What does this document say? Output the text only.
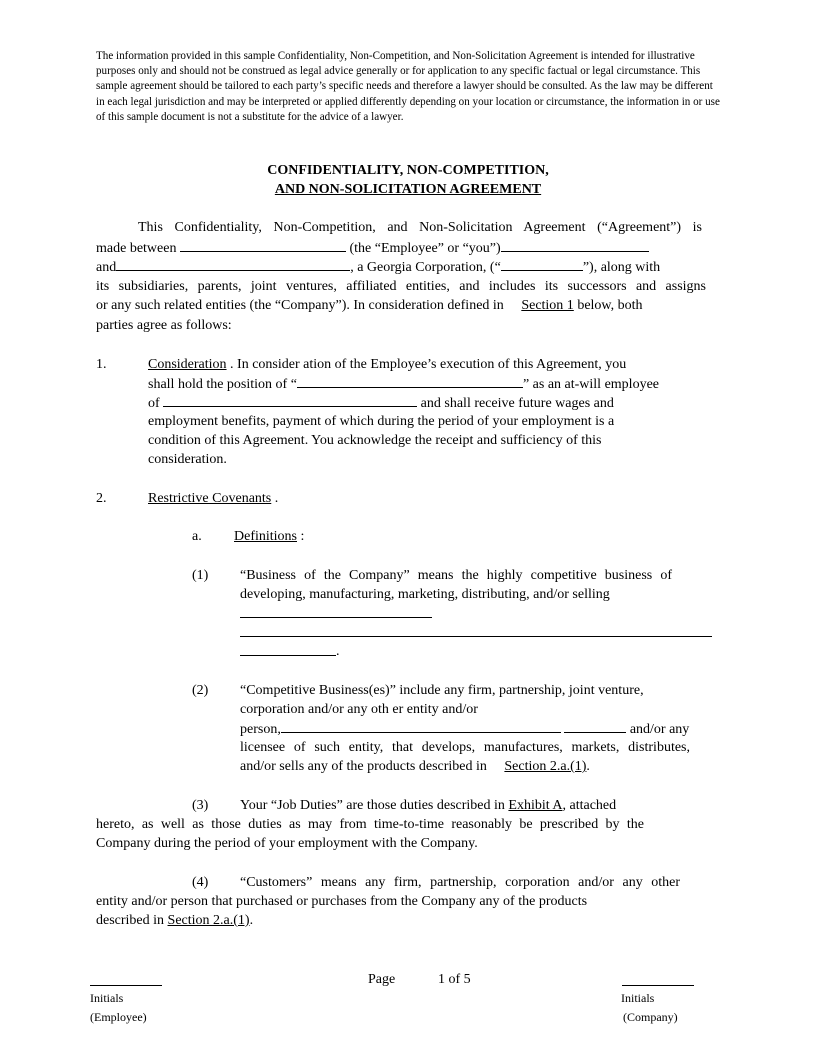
The information provided in this sample Confidentiality, Non-Competition, and Non-Solicitation Agreement is intended for illustrative purposes only and should not be construed as legal advice generally or for application to any specific factual or legal circumstance. This sample agreement should be tailored to each party’s specific needs and therefore a lawyer should be consulted. As the law may be different in each legal jurisdiction and may be interpreted or applied differently depending on your location or circumstance, the information in or use of this sample document is not a substitute for the advice of a lawyer.
CONFIDENTIALITY, NON-COMPETITION,
AND NON-SOLICITATION AGREEMENT
This Confidentiality, Non-Competition, and Non-Solicitation Agreement (“Agreement”) is
made between	(the “Employee” or “you”)
and	, a Georgia Corporation, (“	”), along with
its subsidiaries, parents, joint ventures, affiliated entities, and includes its successors and assigns
or any such related entities (the “Company”). In consideration defined in Section 1 below, both
parties agree as follows:
1.	Consideration . In consider ation of the Employee’s execution of this Agreement, you
shall hold the position of “	” as an at-will employee
of	and shall receive future wages and
employment benefits, payment of which during the period of your employment is a
condition of this Agreement. You acknowledge the receipt and sufficiency of this
consideration.
2.	Restrictive Covenants .
a. Definitions :
(1) “Business of the Company” means the highly competitive business of
developing, manufacturing, marketing, distributing, and/or selling
.
(2) “Competitive Business(es)” include any firm, partnership, joint venture,
corporation and/or any oth er entity and/or
person,	and/or any
licensee of such entity, that develops, manufactures, markets, distributes,
and/or sells any of the products described in Section 2.a.(1).
(3) Your “Job Duties” are those duties described in Exhibit A, attached
hereto, as well as those duties as may from time-to-time reasonably be prescribed by the
Company during the period of your employment with the Company.
(4) “Customers” means any firm, partnership, corporation and/or any other
entity and/or person that purchased or purchases from the Company any of the products
described in Section 2.a.(1).
Initials
(Employee)
Page	1 of 5
Initials
(Company)
